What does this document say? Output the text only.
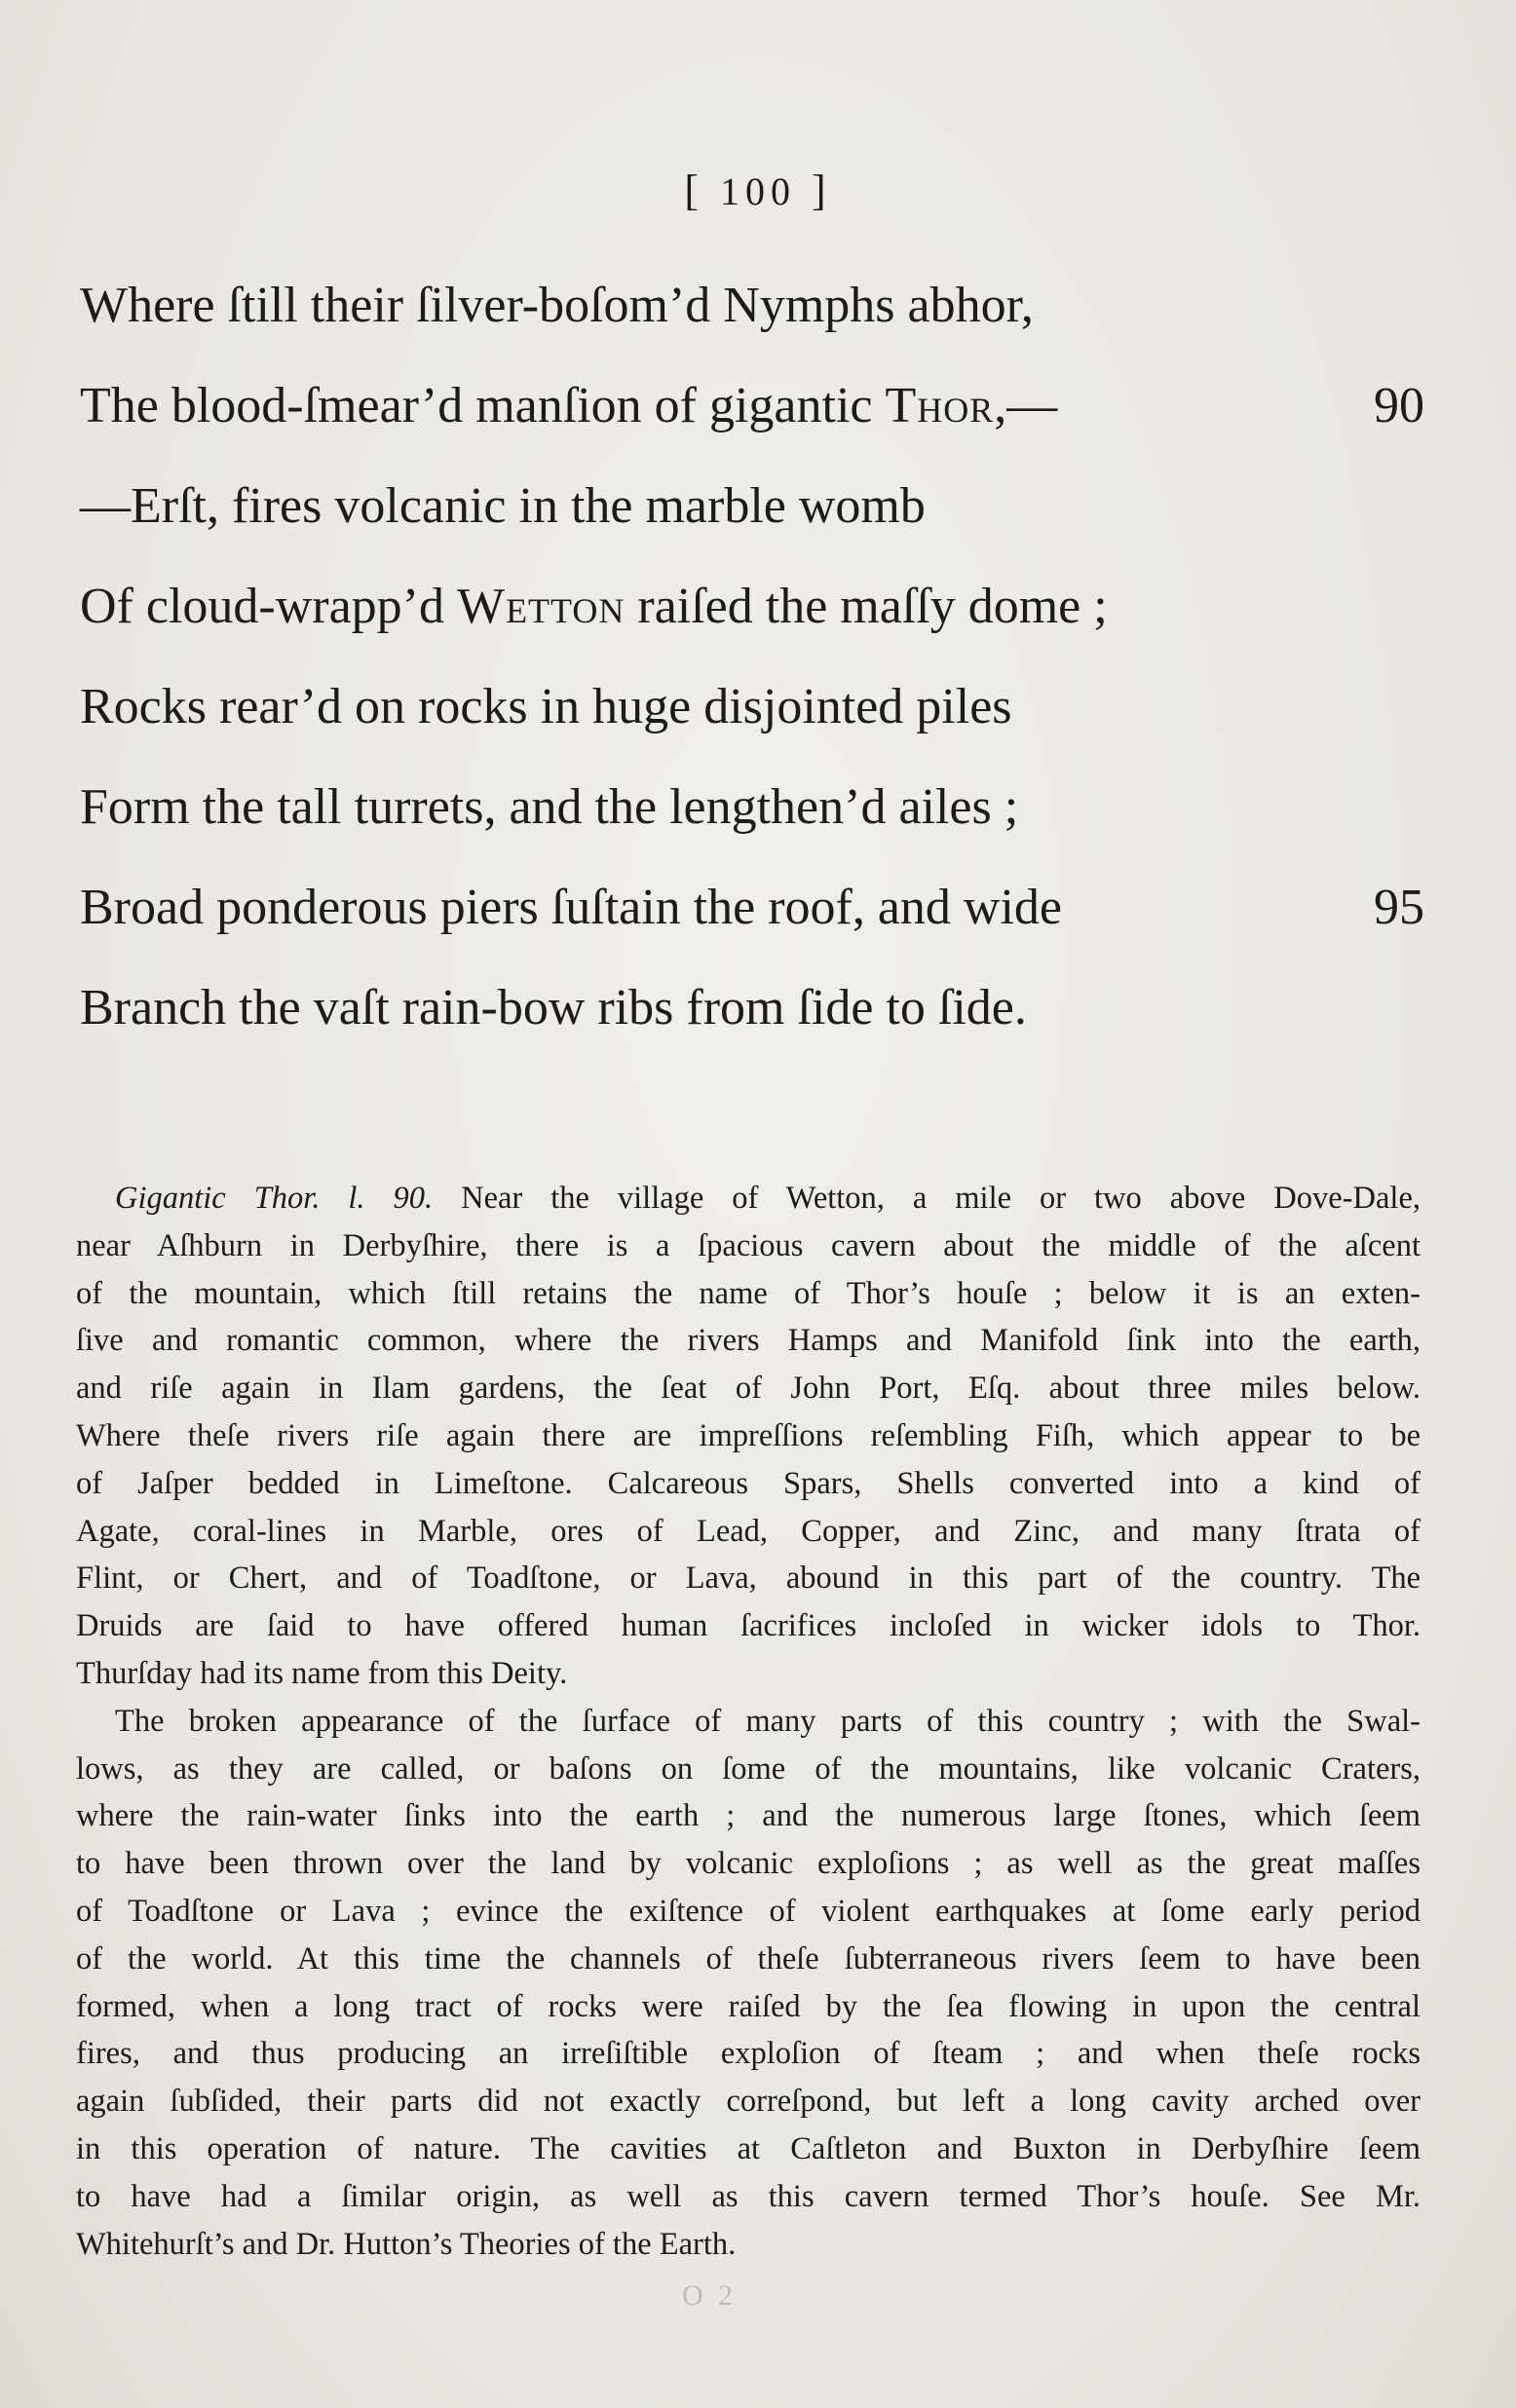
[ 100 ]
Where ſtill their ſilver-boſom’d Nymphs abhor,
The blood-ſmear’d manſion of gigantic Thor,—	90
—Erſt, fires volcanic in the marble womb
Of cloud-wrapp’d Wetton raiſed the maſſy dome ;
Rocks rear’d on rocks in huge disjointed piles
Form the tall turrets, and the lengthen’d ailes ;
Broad ponderous piers ſuſtain the roof, and wide	95
Branch the vaſt rain-bow ribs from ſide to ſide.
Gigantic Thor. l. 90. Near the village of Wetton, a mile or two above Dove-Dale,
near Aſhburn in Derbyſhire, there is a ſpacious cavern about the middle of the aſcent
of the mountain, which ſtill retains the name of Thor’s houſe ; below it is an exten-
ſive and romantic common, where the rivers Hamps and Manifold ſink into the earth,
and riſe again in Ilam gardens, the ſeat of John Port, Eſq. about three miles below.
Where theſe rivers riſe again there are impreſſions reſembling Fiſh, which appear to be
of Jaſper bedded in Limeſtone. Calcareous Spars, Shells converted into a kind of
Agate, coral-lines in Marble, ores of Lead, Copper, and Zinc, and many ſtrata of
Flint, or Chert, and of Toadſtone, or Lava, abound in this part of the country. The
Druids are ſaid to have offered human ſacrifices incloſed in wicker idols to Thor.
Thurſday had its name from this Deity.
The broken appearance of the ſurface of many parts of this country ; with the Swal-
lows, as they are called, or baſons on ſome of the mountains, like volcanic Craters,
where the rain-water ſinks into the earth ; and the numerous large ſtones, which ſeem
to have been thrown over the land by volcanic exploſions ; as well as the great maſſes
of Toadſtone or Lava ; evince the exiſtence of violent earthquakes at ſome early period
of the world. At this time the channels of theſe ſubterraneous rivers ſeem to have been
formed, when a long tract of rocks were raiſed by the ſea flowing in upon the central
fires, and thus producing an irreſiſtible exploſion of ſteam ; and when theſe rocks
again ſubſided, their parts did not exactly correſpond, but left a long cavity arched over
in this operation of nature. The cavities at Caſtleton and Buxton in Derbyſhire ſeem
to have had a ſimilar origin, as well as this cavern termed Thor’s houſe. See Mr.
Whitehurſt’s and Dr. Hutton’s Theories of the Earth.
O 2
